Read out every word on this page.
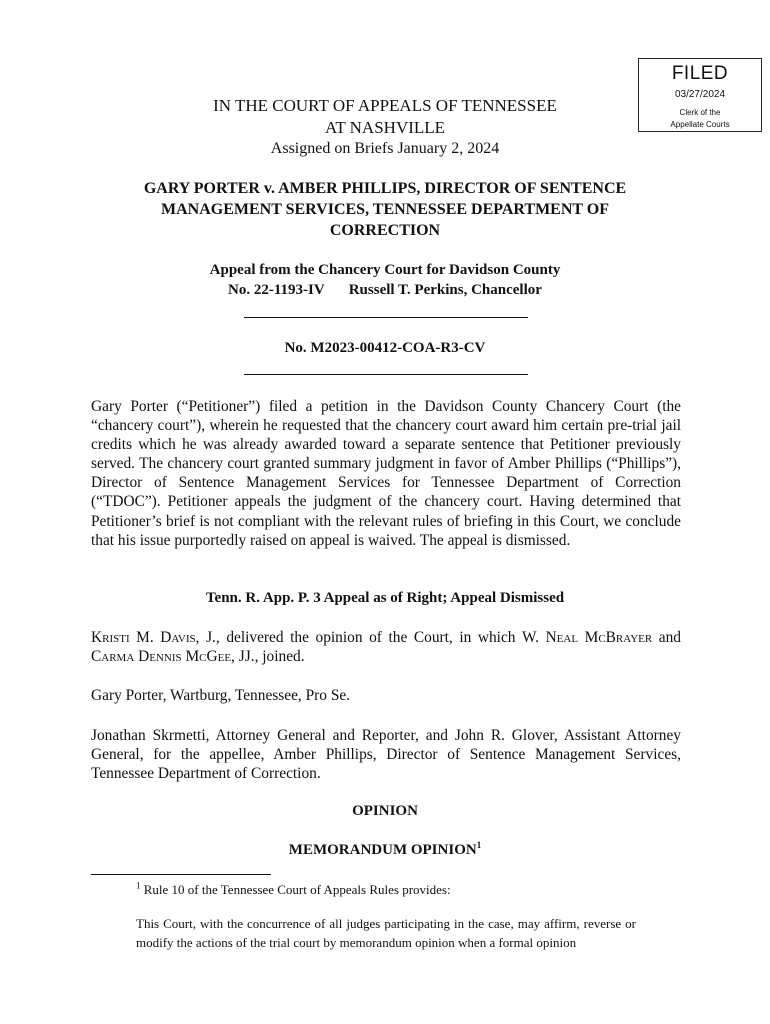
FILED
03/27/2024
Clerk of the
Appellate Courts
IN THE COURT OF APPEALS OF TENNESSEE
AT NASHVILLE
Assigned on Briefs January 2, 2024
GARY PORTER v. AMBER PHILLIPS, DIRECTOR OF SENTENCE
MANAGEMENT SERVICES, TENNESSEE DEPARTMENT OF
CORRECTION
Appeal from the Chancery Court for Davidson County
No. 22-1193-IV Russell T. Perkins, Chancellor
No. M2023-00412-COA-R3-CV

Gary Porter (“Petitioner”) filed a petition in the Davidson County Chancery Court (the “chancery court”), wherein he requested that the chancery court award him certain pre-trial jail credits which he was already awarded toward a separate sentence that Petitioner previously served. The chancery court granted summary judgment in favor of Amber Phillips (“Phillips”), Director of Sentence Management Services for Tennessee Department of Correction (“TDOC”). Petitioner appeals the judgment of the chancery court. Having determined that Petitioner’s brief is not compliant with the relevant rules of briefing in this Court, we conclude that his issue purportedly raised on appeal is waived. The appeal is dismissed.

Tenn. R. App. P. 3 Appeal as of Right; Appeal Dismissed

Kristi M. Davis, J., delivered the opinion of the Court, in which W. Neal McBrayer and Carma Dennis McGee, JJ., joined.

Gary Porter, Wartburg, Tennessee, Pro Se.

Jonathan Skrmetti, Attorney General and Reporter, and John R. Glover, Assistant Attorney General, for the appellee, Amber Phillips, Director of Sentence Management Services, Tennessee Department of Correction.

OPINION
MEMORANDUM OPINION$^1$

$^1$ Rule 10 of the Tennessee Court of Appeals Rules provides:

This Court, with the concurrence of all judges participating in the case, may affirm, reverse or modify the actions of the trial court by memorandum opinion when a formal opinion
